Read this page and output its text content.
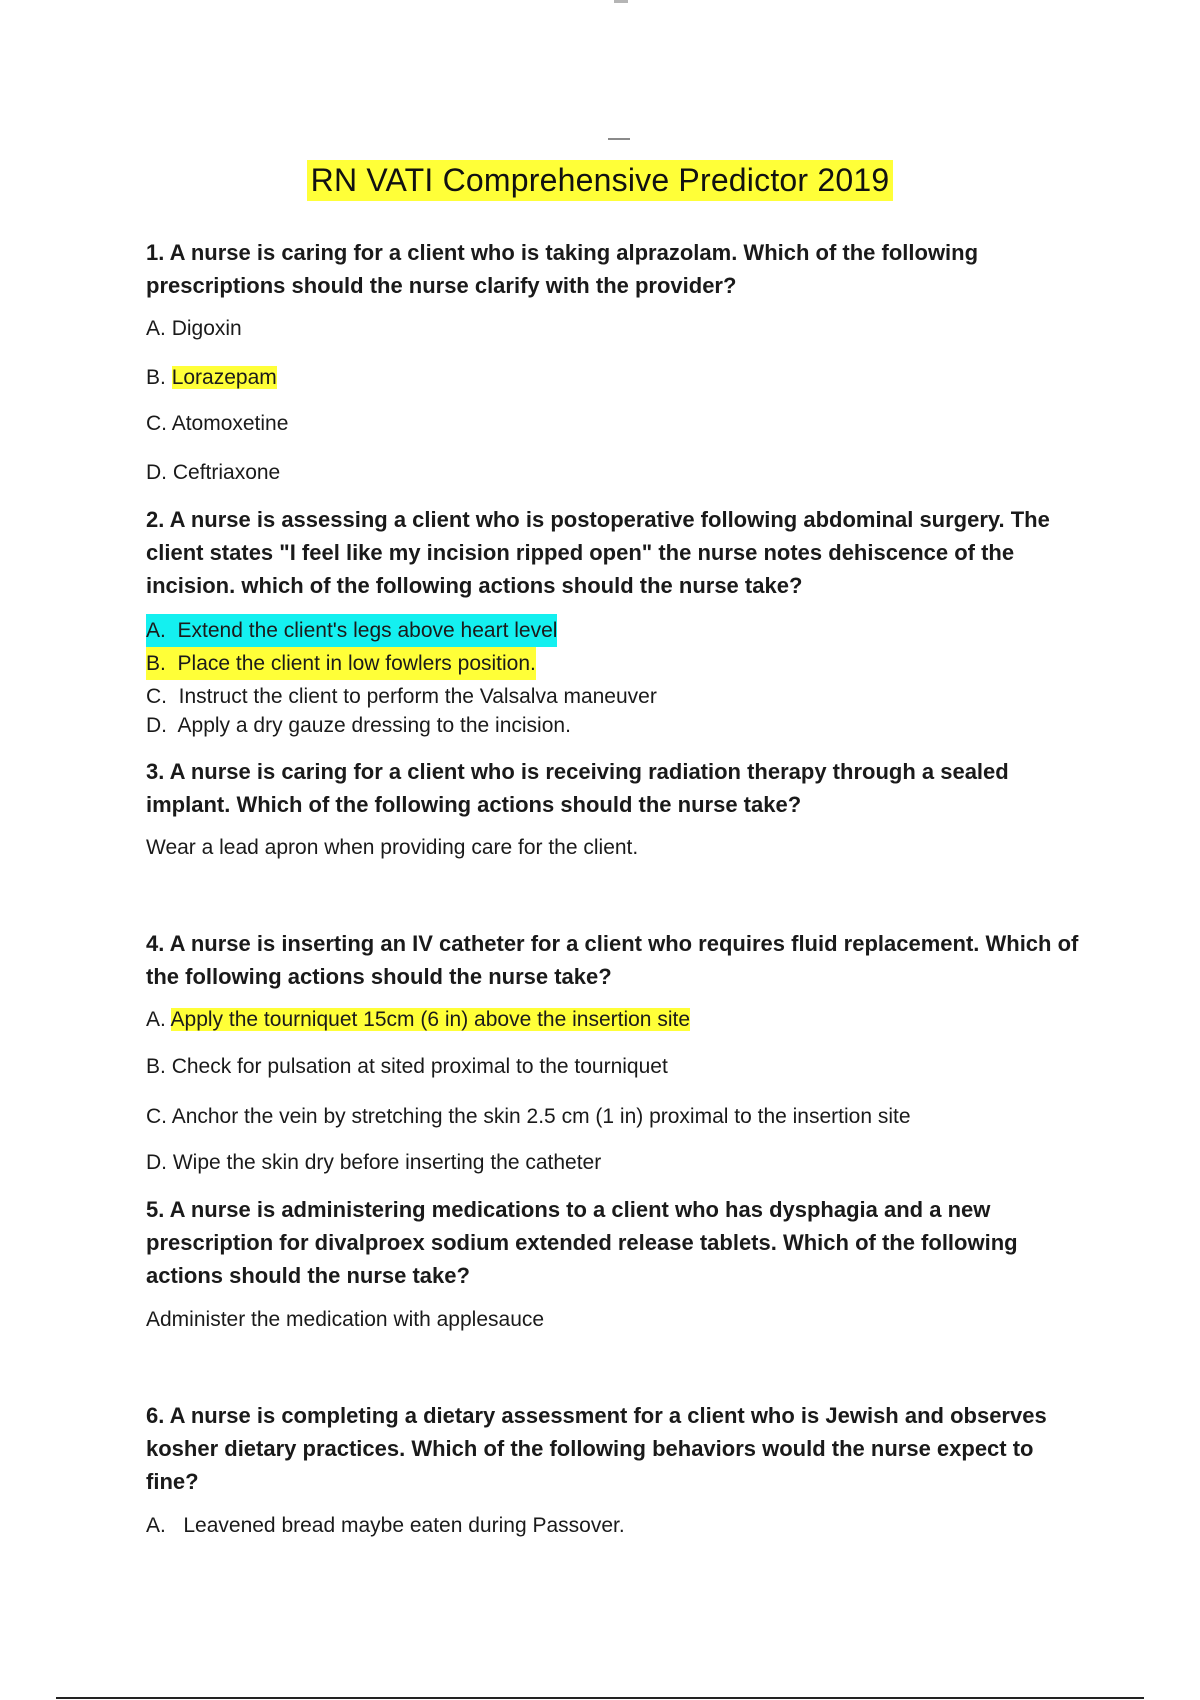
RN VATI Comprehensive Predictor 2019

1. A nurse is caring for a client who is taking alprazolam. Which of the following prescriptions should the nurse clarify with the provider?

A. Digoxin

B. Lorazepam

C. Atomoxetine

D. Ceftriaxone

2. A nurse is assessing a client who is postoperative following abdominal surgery. The client states "I feel like my incision ripped open" the nurse notes dehiscence of the incision. which of the following actions should the nurse take?

A. Extend the client's legs above heart level

B. Place the client in low fowlers position.

C. Instruct the client to perform the Valsalva maneuver

D. Apply a dry gauze dressing to the incision.

3. A nurse is caring for a client who is receiving radiation therapy through a sealed implant. Which of the following actions should the nurse take?

Wear a lead apron when providing care for the client.

4. A nurse is inserting an IV catheter for a client who requires fluid replacement. Which of the following actions should the nurse take?

A. Apply the tourniquet 15cm (6 in) above the insertion site

B. Check for pulsation at sited proximal to the tourniquet

C. Anchor the vein by stretching the skin 2.5 cm (1 in) proximal to the insertion site

D. Wipe the skin dry before inserting the catheter

5. A nurse is administering medications to a client who has dysphagia and a new prescription for divalproex sodium extended release tablets. Which of the following actions should the nurse take?

Administer the medication with applesauce

6. A nurse is completing a dietary assessment for a client who is Jewish and observes kosher dietary practices. Which of the following behaviors would the nurse expect to fine?

A. Leavened bread maybe eaten during Passover.
